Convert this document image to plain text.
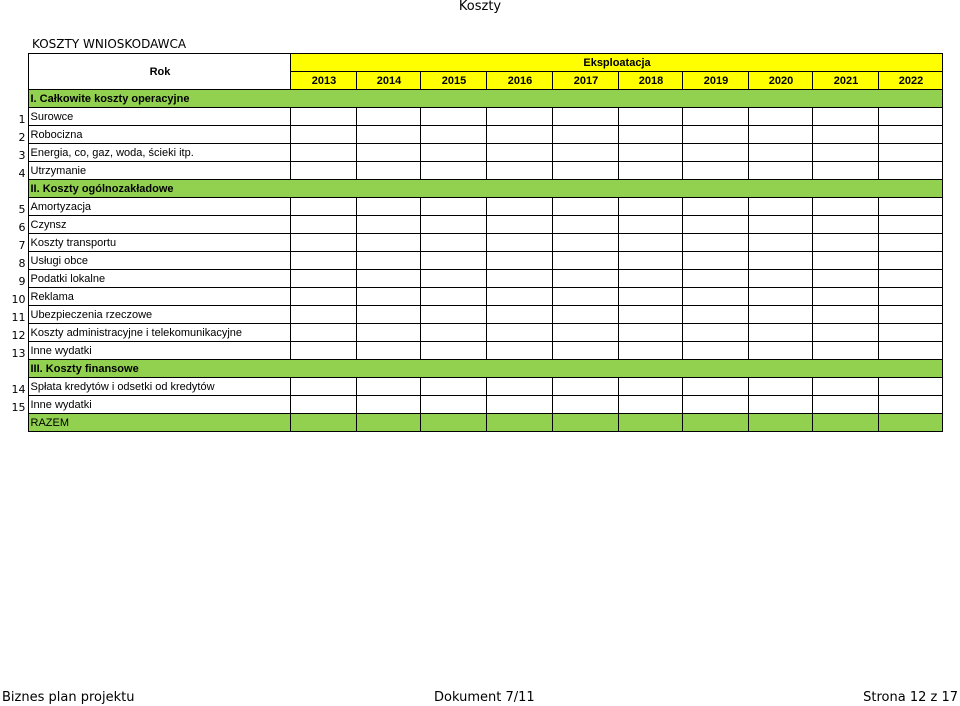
Koszty
KOSZTY WNIOSKODAWCA
	Rok	Eksploatacja									
		2013	2014	2015	2016	2017	2018	2019	2020	2021	2022
	I. Całkowite koszty operacyjne										
1	Surowce										
2	Robocizna										
3	Energia, co, gaz, woda, ścieki itp.										
4	Utrzymanie										
	II. Koszty ogólnozakładowe										
5	Amortyzacja										
6	Czynsz										
7	Koszty transportu										
8	Usługi obce										
9	Podatki lokalne										
10	Reklama										
11	Ubezpieczenia rzeczowe										
12	Koszty administracyjne i telekomunikacyjne										
13	Inne wydatki										
	III. Koszty finansowe										
14	Spłata kredytów i odsetki od kredytów										
15	Inne wydatki										
	RAZEM										
Biznes plan projektu	Dokument 7/11	Strona 12 z 17
